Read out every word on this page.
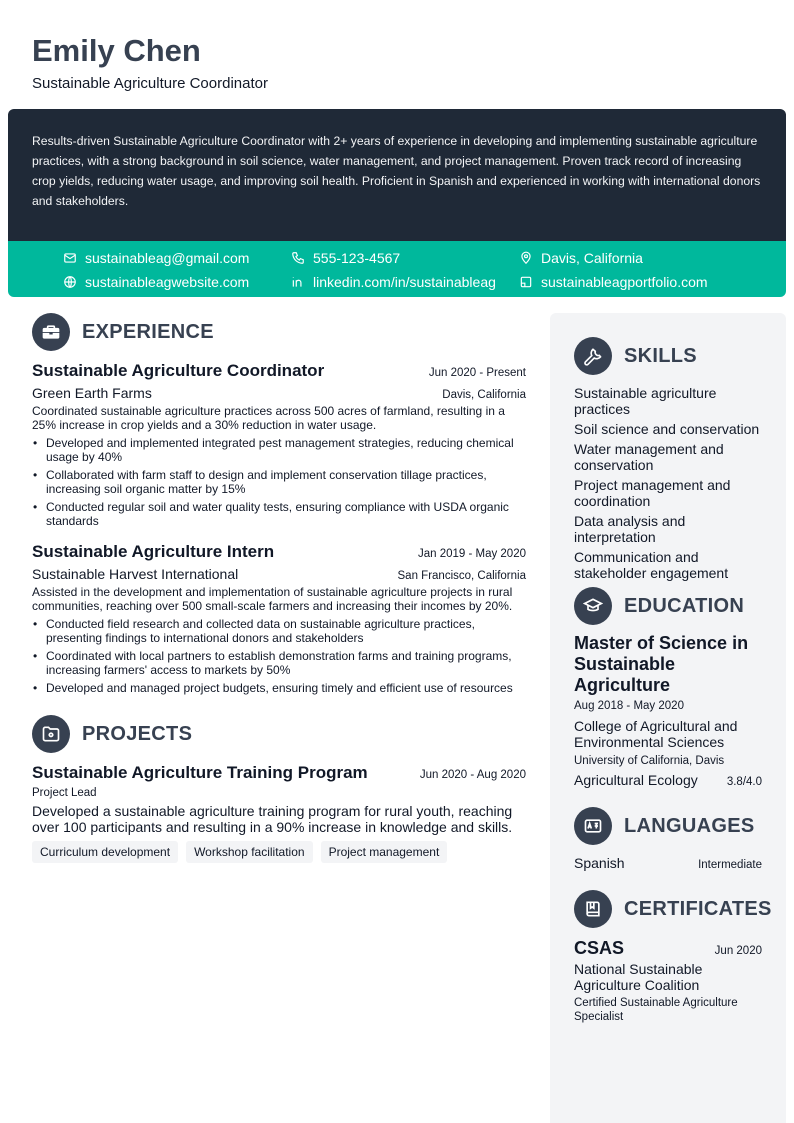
Emily Chen
Sustainable Agriculture Coordinator

Results-driven Sustainable Agriculture Coordinator with 2+ years of experience in developing and implementing sustainable agriculture practices, with a strong background in soil science, water management, and project management. Proven track record of increasing crop yields, reducing water usage, and improving soil health. Proficient in Spanish and experienced in working with international donors and stakeholders.

sustainableag@gmail.com	555-123-4567	Davis, California
sustainableagwebsite.com	linkedin.com/in/sustainableag	sustainableagportfolio.com
EXPERIENCE
Sustainable Agriculture Coordinator	Jun 2020 - Present
Green Earth Farms	Davis, California
Coordinated sustainable agriculture practices across 500 acres of farmland, resulting in a 25% increase in crop yields and a 30% reduction in water usage.
• Developed and implemented integrated pest management strategies, reducing chemical usage by 40%
• Collaborated with farm staff to design and implement conservation tillage practices, increasing soil organic matter by 15%
• Conducted regular soil and water quality tests, ensuring compliance with USDA organic standards
Sustainable Agriculture Intern	Jan 2019 - May 2020
Sustainable Harvest International	San Francisco, California
Assisted in the development and implementation of sustainable agriculture projects in rural communities, reaching over 500 small-scale farmers and increasing their incomes by 20%.
• Conducted field research and collected data on sustainable agriculture practices, presenting findings to international donors and stakeholders
• Coordinated with local partners to establish demonstration farms and training programs, increasing farmers' access to markets by 50%
• Developed and managed project budgets, ensuring timely and efficient use of resources
PROJECTS
Sustainable Agriculture Training Program	Jun 2020 - Aug 2020
Project Lead
Developed a sustainable agriculture training program for rural youth, reaching over 100 participants and resulting in a 90% increase in knowledge and skills.
Curriculum development	Workshop facilitation	Project management
SKILLS
Sustainable agriculture practices
Soil science and conservation
Water management and conservation
Project management and coordination
Data analysis and interpretation
Communication and stakeholder engagement
EDUCATION
Master of Science in Sustainable Agriculture
Aug 2018 - May 2020
College of Agricultural and Environmental Sciences
University of California, Davis
Agricultural Ecology	3.8/4.0
LANGUAGES
Spanish	Intermediate
CERTIFICATES
CSAS	Jun 2020
National Sustainable Agriculture Coalition
Certified Sustainable Agriculture Specialist
